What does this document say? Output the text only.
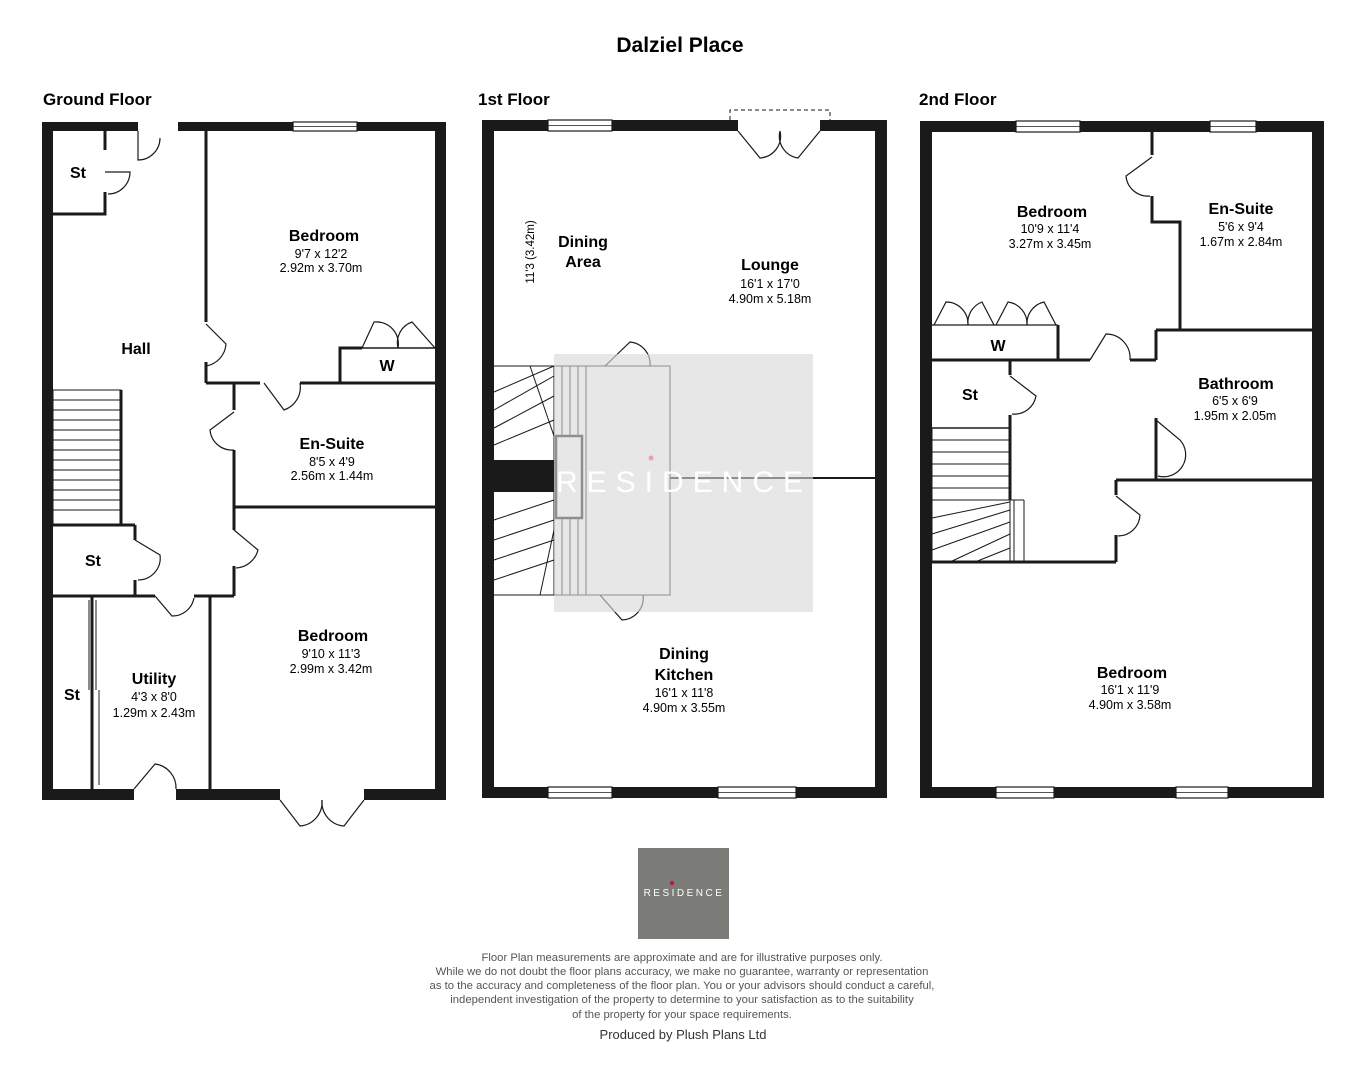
Dalziel Place
Ground Floor
St
Hall
Bedroom
9'7 x 12'2
2.92m x 3.70m
W
En-Suite
8'5 x 4'9
2.56m x 1.44m
St
St
Utility
4'3 x 8'0
1.29m x 2.43m
Bedroom
9'10 x 11'3
2.99m x 3.42m
1st Floor
RESIDENCE
Dining
Area
11'3 (3.42m)	Lounge
16'1 x 17'0
4.90m x 5.18m
Dining
Kitchen
16'1 x 11'8
4.90m x 3.55m
2nd Floor
Bedroom
10'9 x 11'4
3.27m x 3.45m
En-Suite
5'6 x 9'4
1.67m x 2.84m
W
St
Bathroom
6'5 x 6'9
1.95m x 2.05m
Bedroom
16'1 x 11'9
4.90m x 3.58m
RESIDENCE
Floor Plan measurements are approximate and are for illustrative purposes only.
While we do not doubt the floor plans accuracy, we make no guarantee, warranty or representation
as to the accuracy and completeness of the floor plan. You or your advisors should conduct a careful,
independent investigation of the property to determine to your satisfaction as to the suitability
of the property for your space requirements.
Produced by Plush Plans Ltd
